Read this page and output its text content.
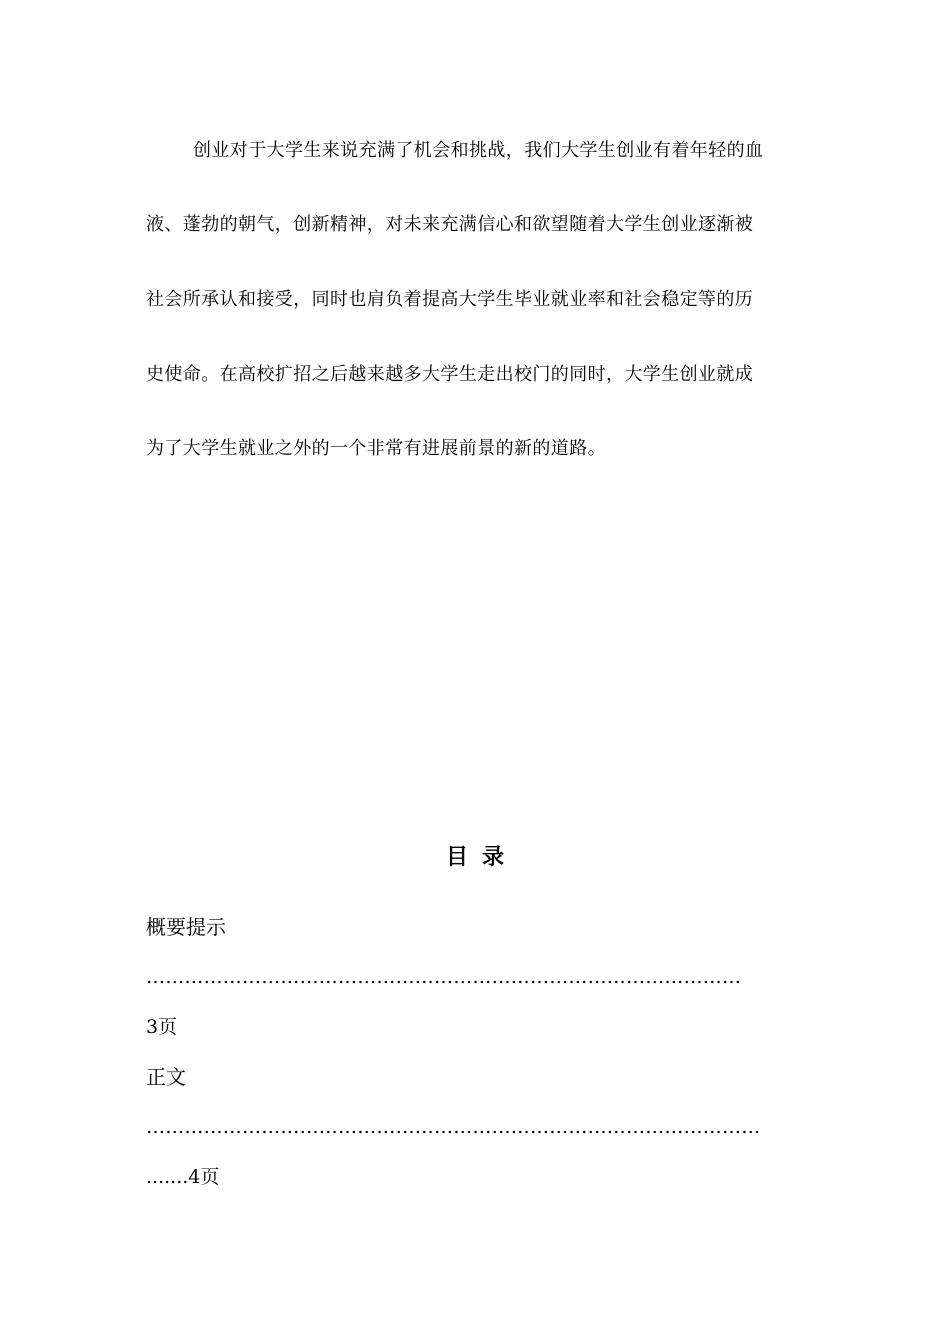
创业对于大学生来说充满了机会和挑战，我们大学生创业有着年轻的血
液、蓬勃的朝气，创新精神，对未来充满信心和欲望随着大学生创业逐渐被
社会所承认和接受，同时也肩负着提高大学生毕业就业率和社会稳定等的历
史使命。在高校扩招之后越来越多大学生走出校门的同时，大学生创业就成
为了大学生就业之外的一个非常有进展前景的新的道路。
目录
概要提示
…………………………………………………………………………………
3页
正文
……………………………………………………………………………………
.......4页
